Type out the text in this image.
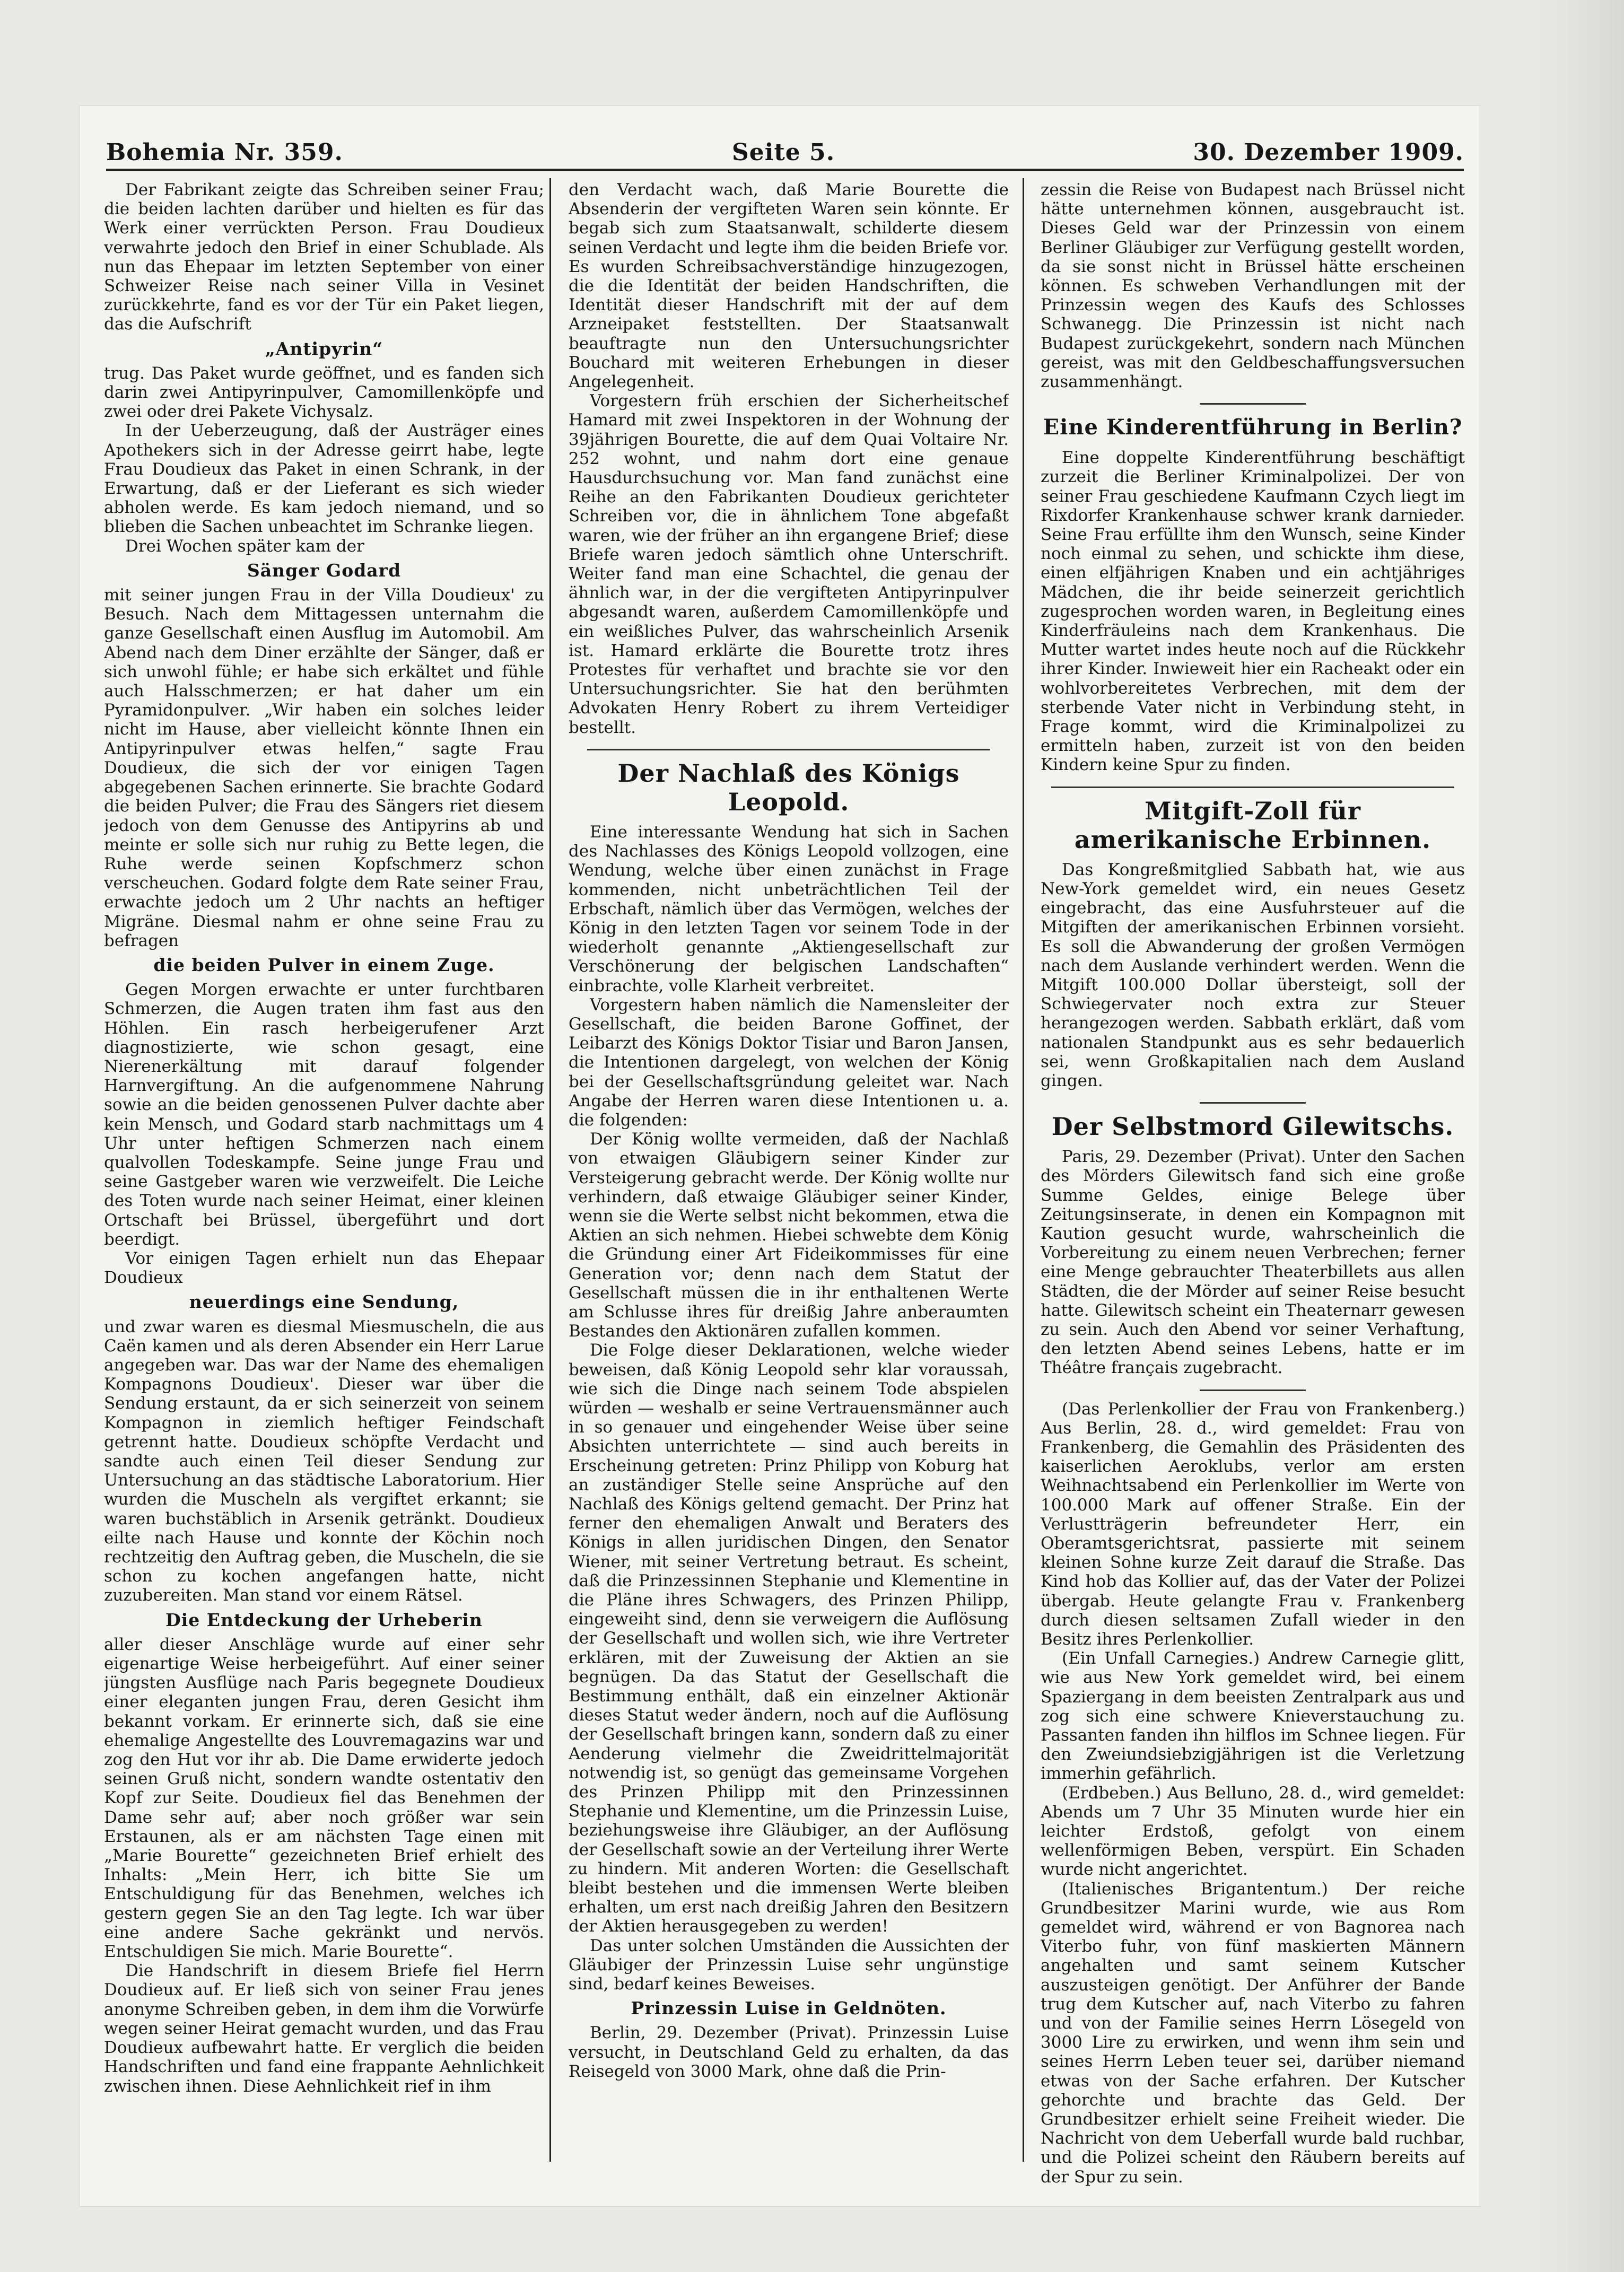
Bohemia Nr. 359.	Seite 5.	30. Dezember 1909.

Der Fabrikant zeigte das Schreiben seiner Frau; die beiden lachten darüber und hielten es für das Werk einer verrückten Person. Frau Doudieux verwahrte jedoch den Brief in einer Schublade. Als nun das Ehepaar im letzten September von einer Schweizer Reise nach seiner Villa in Vesinet zurückkehrte, fand es vor der Tür ein Paket liegen, das die Aufschrift

„Antipyrin“

trug. Das Paket wurde geöffnet, und es fanden sich darin zwei Antipyrinpulver, Camomillenköpfe und zwei oder drei Pakete Vichysalz.

In der Ueberzeugung, daß der Austräger eines Apothekers sich in der Adresse geirrt habe, legte Frau Doudieux das Paket in einen Schrank, in der Erwartung, daß er der Lieferant es sich wieder abholen werde. Es kam jedoch niemand, und so blieben die Sachen unbeachtet im Schranke liegen.

Drei Wochen später kam der

Sänger Godard

mit seiner jungen Frau in der Villa Doudieux' zu Besuch. Nach dem Mittagessen unternahm die ganze Gesellschaft einen Ausflug im Automobil. Am Abend nach dem Diner erzählte der Sänger, daß er sich unwohl fühle; er habe sich erkältet und fühle auch Halsschmerzen; er hat daher um ein Pyramidonpulver. „Wir haben ein solches leider nicht im Hause, aber vielleicht könnte Ihnen ein Antipyrinpulver etwas helfen,“ sagte Frau Doudieux, die sich der vor einigen Tagen abgegebenen Sachen erinnerte. Sie brachte Godard die beiden Pulver; die Frau des Sängers riet diesem jedoch von dem Genusse des Antipyrins ab und meinte er solle sich nur ruhig zu Bette legen, die Ruhe werde seinen Kopfschmerz schon verscheuchen. Godard folgte dem Rate seiner Frau, erwachte jedoch um 2 Uhr nachts an heftiger Migräne. Diesmal nahm er ohne seine Frau zu befragen

die beiden Pulver in einem Zuge.

Gegen Morgen erwachte er unter furchtbaren Schmerzen, die Augen traten ihm fast aus den Höhlen. Ein rasch herbeigerufener Arzt diagnostizierte, wie schon gesagt, eine Nierenerkältung mit darauf folgender Harnvergiftung. An die aufgenommene Nahrung sowie an die beiden genossenen Pulver dachte aber kein Mensch, und Godard starb nachmittags um 4 Uhr unter heftigen Schmerzen nach einem qualvollen Todeskampfe. Seine junge Frau und seine Gastgeber waren wie verzweifelt. Die Leiche des Toten wurde nach seiner Heimat, einer kleinen Ortschaft bei Brüssel, übergeführt und dort beerdigt.

Vor einigen Tagen erhielt nun das Ehepaar Doudieux

neuerdings eine Sendung,

und zwar waren es diesmal Miesmuscheln, die aus Caën kamen und als deren Absender ein Herr Larue angegeben war. Das war der Name des ehemaligen Kompagnons Doudieux'. Dieser war über die Sendung erstaunt, da er sich seinerzeit von seinem Kompagnon in ziemlich heftiger Feindschaft getrennt hatte. Doudieux schöpfte Verdacht und sandte auch einen Teil dieser Sendung zur Untersuchung an das städtische Laboratorium. Hier wurden die Muscheln als vergiftet erkannt; sie waren buchstäblich in Arsenik getränkt. Doudieux eilte nach Hause und konnte der Köchin noch rechtzeitig den Auftrag geben, die Muscheln, die sie schon zu kochen angefangen hatte, nicht zuzubereiten. Man stand vor einem Rätsel.

Die Entdeckung der Urheberin

aller dieser Anschläge wurde auf einer sehr eigenartige Weise herbeigeführt. Auf einer seiner jüngsten Ausflüge nach Paris begegnete Doudieux einer eleganten jungen Frau, deren Gesicht ihm bekannt vorkam. Er erinnerte sich, daß sie eine ehemalige Angestellte des Louvremagazins war und zog den Hut vor ihr ab. Die Dame erwiderte jedoch seinen Gruß nicht, sondern wandte ostentativ den Kopf zur Seite. Doudieux fiel das Benehmen der Dame sehr auf; aber noch größer war sein Erstaunen, als er am nächsten Tage einen mit „Marie Bourette“ gezeichneten Brief erhielt des Inhalts: „Mein Herr, ich bitte Sie um Entschuldigung für das Benehmen, welches ich gestern gegen Sie an den Tag legte. Ich war über eine andere Sache gekränkt und nervös. Entschuldigen Sie mich. Marie Bourette“.

Die Handschrift in diesem Briefe fiel Herrn Doudieux auf. Er ließ sich von seiner Frau jenes anonyme Schreiben geben, in dem ihm die Vorwürfe wegen seiner Heirat gemacht wurden, und das Frau Doudieux aufbewahrt hatte. Er verglich die beiden Handschriften und fand eine frappante Aehnlichkeit zwischen ihnen. Diese Aehnlichkeit rief in ihm

den Verdacht wach, daß Marie Bourette die Absenderin der vergifteten Waren sein könnte. Er begab sich zum Staatsanwalt, schilderte diesem seinen Verdacht und legte ihm die beiden Briefe vor. Es wurden Schreibsachverständige hinzugezogen, die die Identität der beiden Handschriften, die Identität dieser Handschrift mit der auf dem Arzneipaket feststellten. Der Staatsanwalt beauftragte nun den Untersuchungsrichter Bouchard mit weiteren Erhebungen in dieser Angelegenheit.

Vorgestern früh erschien der Sicherheitschef Hamard mit zwei Inspektoren in der Wohnung der 39jährigen Bourette, die auf dem Quai Voltaire Nr. 252 wohnt, und nahm dort eine genaue Hausdurchsuchung vor. Man fand zunächst eine Reihe an den Fabrikanten Doudieux gerichteter Schreiben vor, die in ähnlichem Tone abgefaßt waren, wie der früher an ihn ergangene Brief; diese Briefe waren jedoch sämtlich ohne Unterschrift. Weiter fand man eine Schachtel, die genau der ähnlich war, in der die vergifteten Antipyrinpulver abgesandt waren, außerdem Camomillenköpfe und ein weißliches Pulver, das wahrscheinlich Arsenik ist. Hamard erklärte die Bourette trotz ihres Protestes für verhaftet und brachte sie vor den Untersuchungsrichter. Sie hat den berühmten Advokaten Henry Robert zu ihrem Verteidiger bestellt.

Der Nachlaß des Königs Leopold.

Eine interessante Wendung hat sich in Sachen des Nachlasses des Königs Leopold vollzogen, eine Wendung, welche über einen zunächst in Frage kommenden, nicht unbeträchtlichen Teil der Erbschaft, nämlich über das Vermögen, welches der König in den letzten Tagen vor seinem Tode in der wiederholt genannte „Aktiengesellschaft zur Verschönerung der belgischen Landschaften“ einbrachte, volle Klarheit verbreitet.

Vorgestern haben nämlich die Namensleiter der Gesellschaft, die beiden Barone Goffinet, der Leibarzt des Königs Doktor Tisiar und Baron Jansen, die Intentionen dargelegt, von welchen der König bei der Gesellschaftsgründung geleitet war. Nach Angabe der Herren waren diese Intentionen u. a. die folgenden:

Der König wollte vermeiden, daß der Nachlaß von etwaigen Gläubigern seiner Kinder zur Versteigerung gebracht werde. Der König wollte nur verhindern, daß etwaige Gläubiger seiner Kinder, wenn sie die Werte selbst nicht bekommen, etwa die Aktien an sich nehmen. Hiebei schwebte dem König die Gründung einer Art Fideikommisses für eine Generation vor; denn nach dem Statut der Gesellschaft müssen die in ihr enthaltenen Werte am Schlusse ihres für dreißig Jahre anberaumten Bestandes den Aktionären zufallen kommen.

Die Folge dieser Deklarationen, welche wieder beweisen, daß König Leopold sehr klar voraussah, wie sich die Dinge nach seinem Tode abspielen würden — weshalb er seine Vertrauensmänner auch in so genauer und eingehender Weise über seine Absichten unterrichtete — sind auch bereits in Erscheinung getreten: Prinz Philipp von Koburg hat an zuständiger Stelle seine Ansprüche auf den Nachlaß des Königs geltend gemacht. Der Prinz hat ferner den ehemaligen Anwalt und Beraters des Königs in allen juridischen Dingen, den Senator Wiener, mit seiner Vertretung betraut. Es scheint, daß die Prinzessinnen Stephanie und Klementine in die Pläne ihres Schwagers, des Prinzen Philipp, eingeweiht sind, denn sie verweigern die Auflösung der Gesellschaft und wollen sich, wie ihre Vertreter erklären, mit der Zuweisung der Aktien an sie begnügen. Da das Statut der Gesellschaft die Bestimmung enthält, daß ein einzelner Aktionär dieses Statut weder ändern, noch auf die Auflösung der Gesellschaft bringen kann, sondern daß zu einer Aenderung vielmehr die Zweidrittelmajorität notwendig ist, so genügt das gemeinsame Vorgehen des Prinzen Philipp mit den Prinzessinnen Stephanie und Klementine, um die Prinzessin Luise, beziehungsweise ihre Gläubiger, an der Auflösung der Gesellschaft sowie an der Verteilung ihrer Werte zu hindern. Mit anderen Worten: die Gesellschaft bleibt bestehen und die immensen Werte bleiben erhalten, um erst nach dreißig Jahren den Besitzern der Aktien herausgegeben zu werden!

Das unter solchen Umständen die Aussichten der Gläubiger der Prinzessin Luise sehr ungünstige sind, bedarf keines Beweises.

Prinzessin Luise in Geldnöten.

Berlin, 29. Dezember (Privat). Prinzessin Luise versucht, in Deutschland Geld zu erhalten, da das Reisegeld von 3000 Mark, ohne daß die Prin-

zessin die Reise von Budapest nach Brüssel nicht hätte unternehmen können, ausgebraucht ist. Dieses Geld war der Prinzessin von einem Berliner Gläubiger zur Verfügung gestellt worden, da sie sonst nicht in Brüssel hätte erscheinen können. Es schweben Verhandlungen mit der Prinzessin wegen des Kaufs des Schlosses Schwanegg. Die Prinzessin ist nicht nach Budapest zurückgekehrt, sondern nach München gereist, was mit den Geldbeschaffungsversuchen zusammenhängt.

Eine Kinderentführung in Berlin?

Eine doppelte Kinderentführung beschäftigt zurzeit die Berliner Kriminalpolizei. Der von seiner Frau geschiedene Kaufmann Czych liegt im Rixdorfer Krankenhause schwer krank darnieder. Seine Frau erfüllte ihm den Wunsch, seine Kinder noch einmal zu sehen, und schickte ihm diese, einen elfjährigen Knaben und ein achtjähriges Mädchen, die ihr beide seinerzeit gerichtlich zugesprochen worden waren, in Begleitung eines Kinderfräuleins nach dem Krankenhaus. Die Mutter wartet indes heute noch auf die Rückkehr ihrer Kinder. Inwieweit hier ein Racheakt oder ein wohlvorbereitetes Verbrechen, mit dem der sterbende Vater nicht in Verbindung steht, in Frage kommt, wird die Kriminalpolizei zu ermitteln haben, zurzeit ist von den beiden Kindern keine Spur zu finden.

Mitgift-Zoll für amerikanische Erbinnen.

Das Kongreßmitglied Sabbath hat, wie aus New-York gemeldet wird, ein neues Gesetz eingebracht, das eine Ausfuhrsteuer auf die Mitgiften der amerikanischen Erbinnen vorsieht. Es soll die Abwanderung der großen Vermögen nach dem Auslande verhindert werden. Wenn die Mitgift 100.000 Dollar übersteigt, soll der Schwiegervater noch extra zur Steuer herangezogen werden. Sabbath erklärt, daß vom nationalen Standpunkt aus es sehr bedauerlich sei, wenn Großkapitalien nach dem Ausland gingen.

Der Selbstmord Gilewitschs.

Paris, 29. Dezember (Privat). Unter den Sachen des Mörders Gilewitsch fand sich eine große Summe Geldes, einige Belege über Zeitungsinserate, in denen ein Kompagnon mit Kaution gesucht wurde, wahrscheinlich die Vorbereitung zu einem neuen Verbrechen; ferner eine Menge gebrauchter Theaterbillets aus allen Städten, die der Mörder auf seiner Reise besucht hatte. Gilewitsch scheint ein Theaternarr gewesen zu sein. Auch den Abend vor seiner Verhaftung, den letzten Abend seines Lebens, hatte er im Théâtre français zugebracht.

(Das Perlenkollier der Frau von Frankenberg.) Aus Berlin, 28. d., wird gemeldet: Frau von Frankenberg, die Gemahlin des Präsidenten des kaiserlichen Aeroklubs, verlor am ersten Weihnachtsabend ein Perlenkollier im Werte von 100.000 Mark auf offener Straße. Ein der Verlustträgerin befreundeter Herr, ein Oberamtsgerichtsrat, passierte mit seinem kleinen Sohne kurze Zeit darauf die Straße. Das Kind hob das Kollier auf, das der Vater der Polizei übergab. Heute gelangte Frau v. Frankenberg durch diesen seltsamen Zufall wieder in den Besitz ihres Perlenkollier.

(Ein Unfall Carnegies.) Andrew Carnegie glitt, wie aus New York gemeldet wird, bei einem Spaziergang in dem beeisten Zentralpark aus und zog sich eine schwere Knieverstauchung zu. Passanten fanden ihn hilflos im Schnee liegen. Für den Zweiundsiebzigjährigen ist die Verletzung immerhin gefährlich.

(Erdbeben.) Aus Belluno, 28. d., wird gemeldet: Abends um 7 Uhr 35 Minuten wurde hier ein leichter Erdstoß, gefolgt von einem wellenförmigen Beben, verspürt. Ein Schaden wurde nicht angerichtet.

(Italienisches Brigantentum.) Der reiche Grundbesitzer Marini wurde, wie aus Rom gemeldet wird, während er von Bagnorea nach Viterbo fuhr, von fünf maskierten Männern angehalten und samt seinem Kutscher auszusteigen genötigt. Der Anführer der Bande trug dem Kutscher auf, nach Viterbo zu fahren und von der Familie seines Herrn Lösegeld von 3000 Lire zu erwirken, und wenn ihm sein und seines Herrn Leben teuer sei, darüber niemand etwas von der Sache erfahren. Der Kutscher gehorchte und brachte das Geld. Der Grundbesitzer erhielt seine Freiheit wieder. Die Nachricht von dem Ueberfall wurde bald ruchbar, und die Polizei scheint den Räubern bereits auf der Spur zu sein.
